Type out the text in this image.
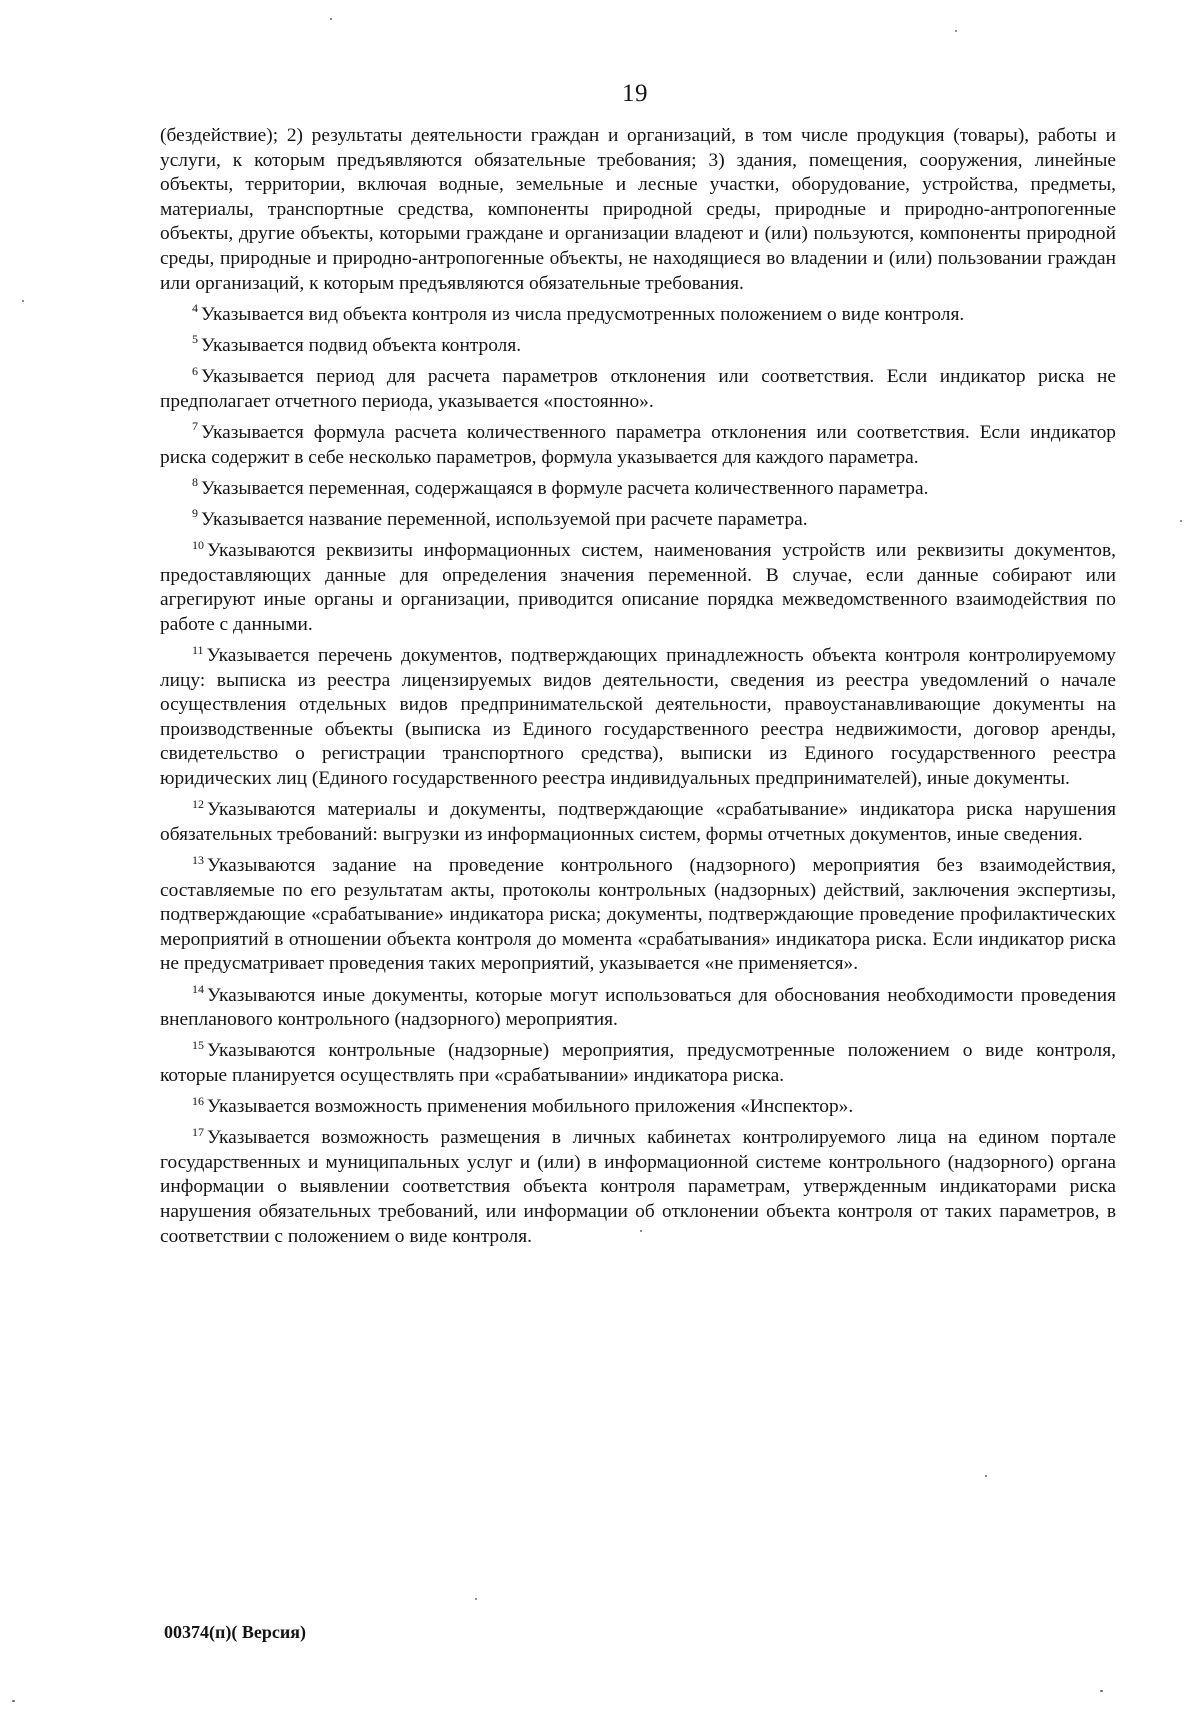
19

(бездействие); 2) результаты деятельности граждан и организаций, в том числе продукция (товары), работы и услуги, к которым предъявляются обязательные требования; 3) здания, помещения, сооружения, линейные объекты, территории, включая водные, земельные и лесные участки, оборудование, устройства, предметы, материалы, транспортные средства, компоненты природной среды, природные и природно-антропогенные объекты, другие объекты, которыми граждане и организации владеют и (или) пользуются, компоненты природной среды, природные и природно-антропогенные объекты, не находящиеся во владении и (или) пользовании граждан или организаций, к которым предъявляются обязательные требования.

$^4$ Указывается вид объекта контроля из числа предусмотренных положением о виде контроля.

$^5$ Указывается подвид объекта контроля.

$^6$ Указывается период для расчета параметров отклонения или соответствия. Если индикатор риска не предполагает отчетного периода, указывается «постоянно».

$^7$ Указывается формула расчета количественного параметра отклонения или соответствия. Если индикатор риска содержит в себе несколько параметров, формула указывается для каждого параметра.

$^8$ Указывается переменная, содержащаяся в формуле расчета количественного параметра.

$^9$ Указывается название переменной, используемой при расчете параметра.

$^{10}$ Указываются реквизиты информационных систем, наименования устройств или реквизиты документов, предоставляющих данные для определения значения переменной. В случае, если данные собирают или агрегируют иные органы и организации, приводится описание порядка межведомственного взаимодействия по работе с данными.

$^{11}$ Указывается перечень документов, подтверждающих принадлежность объекта контроля контролируемому лицу: выписка из реестра лицензируемых видов деятельности, сведения из реестра уведомлений о начале осуществления отдельных видов предпринимательской деятельности, правоустанавливающие документы на производственные объекты (выписка из Единого государственного реестра недвижимости, договор аренды, свидетельство о регистрации транспортного средства), выписки из Единого государственного реестра юридических лиц (Единого государственного реестра индивидуальных предпринимателей), иные документы.

$^{12}$ Указываются материалы и документы, подтверждающие «срабатывание» индикатора риска нарушения обязательных требований: выгрузки из информационных систем, формы отчетных документов, иные сведения.

$^{13}$ Указываются задание на проведение контрольного (надзорного) мероприятия без взаимодействия, составляемые по его результатам акты, протоколы контрольных (надзорных) действий, заключения экспертизы, подтверждающие «срабатывание» индикатора риска; документы, подтверждающие проведение профилактических мероприятий в отношении объекта контроля до момента «срабатывания» индикатора риска. Если индикатор риска не предусматривает проведения таких мероприятий, указывается «не применяется».

$^{14}$ Указываются иные документы, которые могут использоваться для обоснования необходимости проведения внепланового контрольного (надзорного) мероприятия.

$^{15}$ Указываются контрольные (надзорные) мероприятия, предусмотренные положением о виде контроля, которые планируется осуществлять при «срабатывании» индикатора риска.

$^{16}$ Указывается возможность применения мобильного приложения «Инспектор».

$^{17}$ Указывается возможность размещения в личных кабинетах контролируемого лица на едином портале государственных и муниципальных услуг и (или) в информационной системе контрольного (надзорного) органа информации о выявлении соответствия объекта контроля параметрам, утвержденным индикаторами риска нарушения обязательных требований, или информации об отклонении объекта контроля от таких параметров, в соответствии с положением о виде контроля.

00374(п)( Версия)
